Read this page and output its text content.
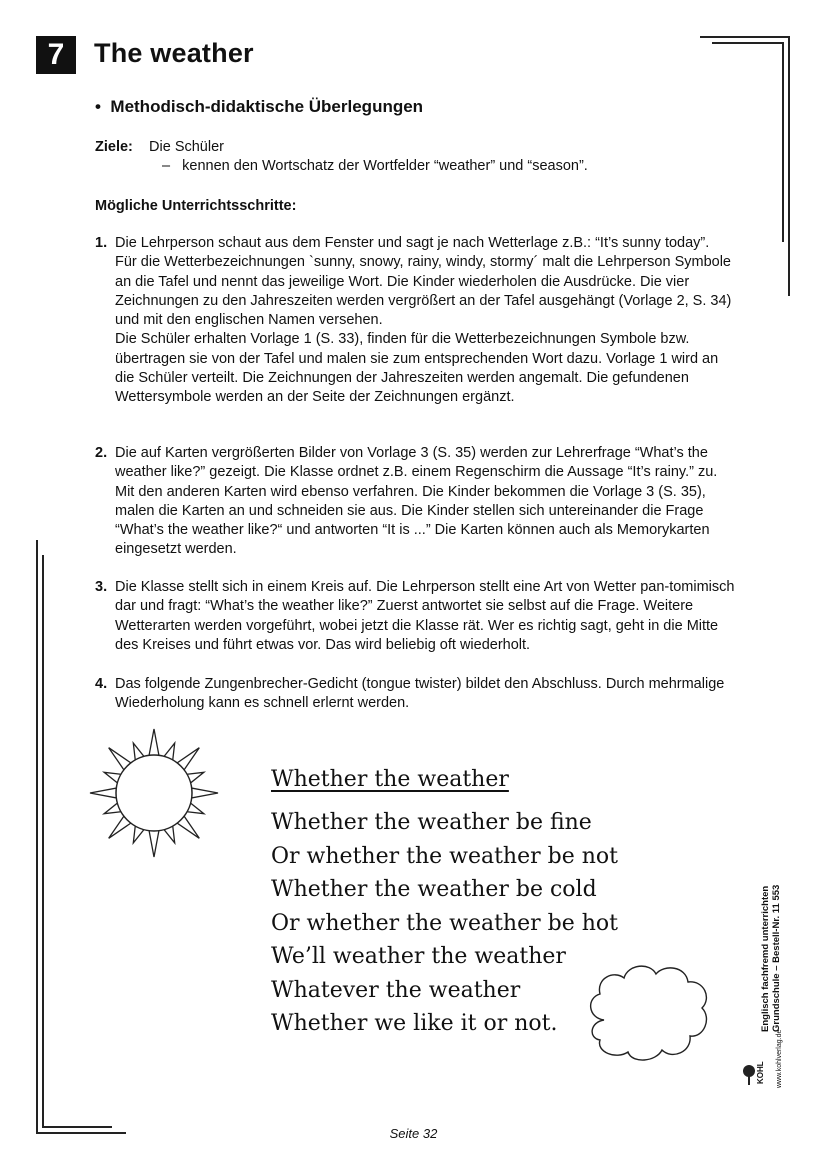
7	The weather
• Methodisch-didaktische Überlegungen
Ziele: Die Schüler
– kennen den Wortschatz der Wortfelder “weather” und “season”.

Mögliche Unterrichtsschritte:

1. Die Lehrperson schaut aus dem Fenster und sagt je nach Wetterlage z.B.: “It’s sunny today”. Für die Wetterbezeichnungen `sunny, snowy, rainy, windy, stormy´ malt die Lehrperson Symbole an die Tafel und nennt das jeweilige Wort. Die Kinder wiederholen die Ausdrücke. Die vier Zeichnungen zu den Jahreszeiten werden vergrößert an der Tafel ausgehängt (Vorlage 2, S. 34) und mit den englischen Namen versehen.
Die Schüler erhalten Vorlage 1 (S. 33), finden für die Wetterbezeichnungen Symbole bzw. übertragen sie von der Tafel und malen sie zum entsprechenden Wort dazu. Vorlage 1 wird an die Schüler verteilt. Die Zeichnungen der Jahreszeiten werden angemalt. Die gefundenen Wettersymbole werden an der Seite der Zeichnungen ergänzt.
2. Die auf Karten vergrößerten Bilder von Vorlage 3 (S. 35) werden zur Lehrerfrage “What’s the weather like?” gezeigt. Die Klasse ordnet z.B. einem Regenschirm die Aussage “It’s rainy.” zu. Mit den anderen Karten wird ebenso verfahren. Die Kinder bekommen die Vorlage 3 (S. 35), malen die Karten an und schneiden sie aus. Die Kinder stellen sich untereinander die Frage “What’s the weather like?“ und antworten “It is ...” Die Karten können auch als Memorykarten eingesetzt werden.
3. Die Klasse stellt sich in einem Kreis auf. Die Lehrperson stellt eine Art von Wetter pan-tomimisch dar und fragt: “What’s the weather like?” Zuerst antwortet sie selbst auf die Frage. Weitere Wetterarten werden vorgeführt, wobei jetzt die Klasse rät. Wer es richtig sagt, geht in die Mitte des Kreises und führt etwas vor. Das wird beliebig oft wiederholt.
4. Das folgende Zungenbrecher-Gedicht (tongue twister) bildet den Abschluss. Durch mehrmalige Wiederholung kann es schnell erlernt werden.

Whether the weather

Whether the weather be fine
Or whether the weather be not
Whether the weather be cold
Or whether the weather be hot
We’ll weather the weather
Whatever the weather
Whether we like it or not.	Englisch fachfremd unterrichten Grundschule – Bestell-Nr. 11 553
KOHL www.kohlverlag.de
Seite 32
